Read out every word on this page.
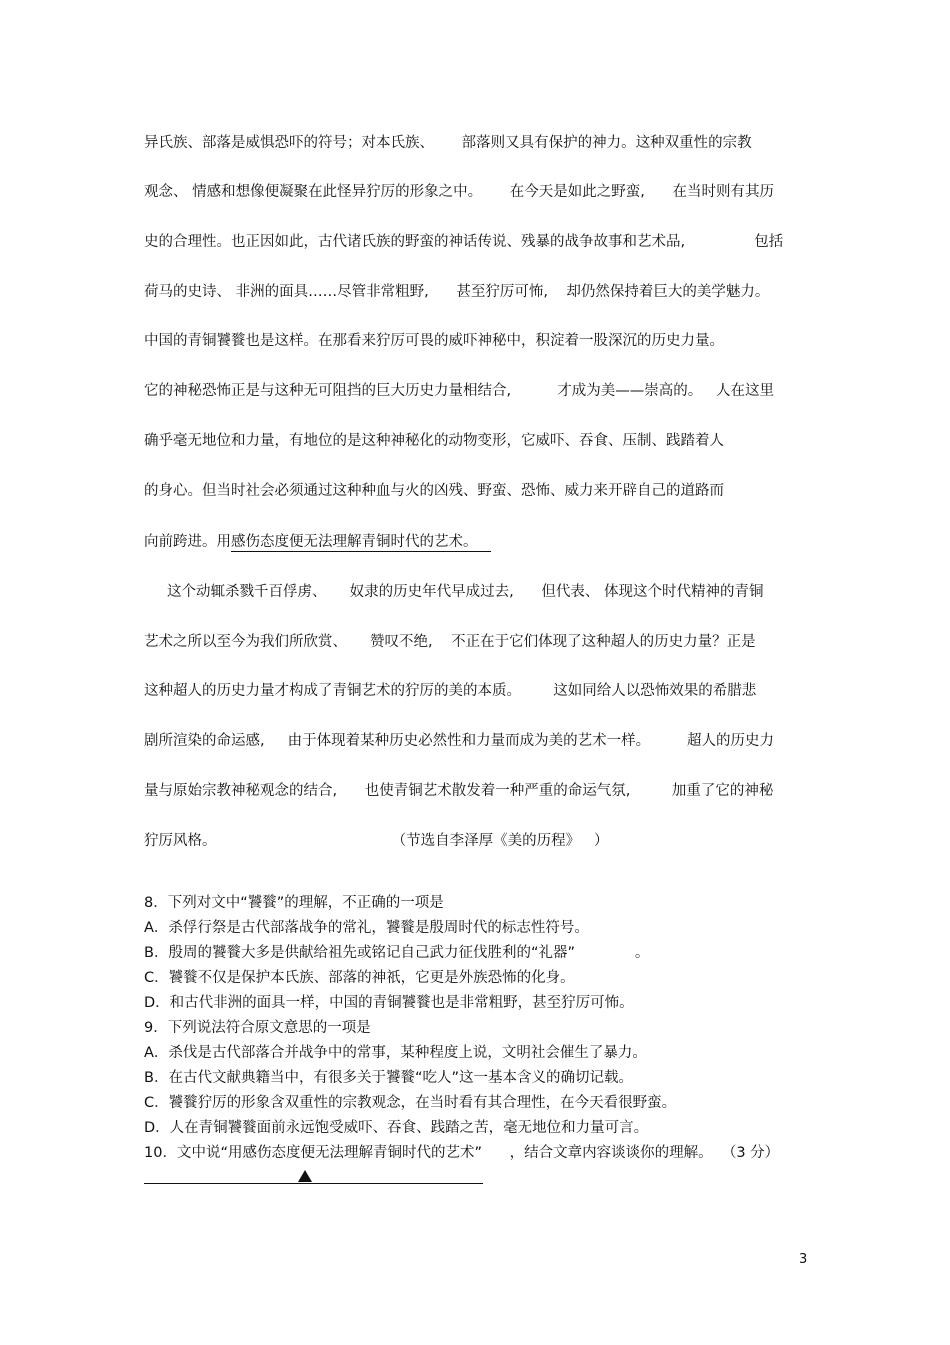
异氏族、部落是威惧恐吓的符号；对本氏族、      部落则又具有保护的神力。这种双重性的宗教
观念、 情感和想像便凝聚在此怪异狞厉的形象之中。      在今天是如此之野蛮,      在当时则有其历
史的合理性。也正因如此，古代诸氏族的野蛮的神话传说、残暴的战争故事和艺术品,               包括
荷马的史诗、 非洲的面具……尽管非常粗野,      甚至狞厉可怖,    却仍然保持着巨大的美学魅力。
中国的青铜饕餮也是这样。在那看来狞厉可畏的威吓神秘中，积淀着一股深沉的历史力量。
它的神秘恐怖正是与这种无可阻挡的巨大历史力量相结合,          才成为美——崇高的。   人在这里
确乎毫无地位和力量，有地位的是这种神秘化的动物变形，它威吓、吞食、压制、践踏着人
的身心。但当时社会必须通过这种种血与火的凶残、野蛮、恐怖、威力来开辟自己的道路而
向前跨进。用感伤态度便无法理解青铜时代的艺术。
这个动辄杀戮千百俘虏、     奴隶的历史年代早成过去,      但代表、 体现这个时代精神的青铜
艺术之所以至今为我们所欣赏、     赞叹不绝,    不正在于它们体现了这种超人的历史力量？正是
这种超人的历史力量才构成了青铜艺术的狞厉的美的本质。       这如同给人以恐怖效果的希腊悲
剧所渲染的命运感,     由于体现着某种历史必然性和力量而成为美的艺术一样。        超人的历史力
量与原始宗教神秘观念的结合,      也使青铜艺术散发着一种严重的命运气氛,         加重了它的神秘
狞厉风格。                                      （节选自李泽厚《美的历程》   ）
8．下列对文中“饕餮”的理解，不正确的一项是
A．杀俘行祭是古代部落战争的常礼，饕餮是殷周时代的标志性符号。
B．殷周的饕餮大多是供献给祖先或铭记自己武力征伐胜利的“礼器”             。
C．饕餮不仅是保护本氏族、部落的神祇，它更是外族恐怖的化身。
D．和古代非洲的面具一样，中国的青铜饕餮也是非常粗野，甚至狞厉可怖。
9．下列说法符合原文意思的一项是
A．杀伐是古代部落合并战争中的常事，某种程度上说，文明社会催生了暴力。
B．在古代文献典籍当中，有很多关于饕餮“吃人”这一基本含义的确切记载。
C．饕餮狞厉的形象含双重性的宗教观念，在当时看有其合理性，在今天看很野蛮。
D．人在青铜饕餮面前永远饱受威吓、吞食、践踏之苦，毫无地位和力量可言。
10．文中说“用感伤态度便无法理解青铜时代的艺术”      ，结合文章内容谈谈你的理解。  （3 分）
3
